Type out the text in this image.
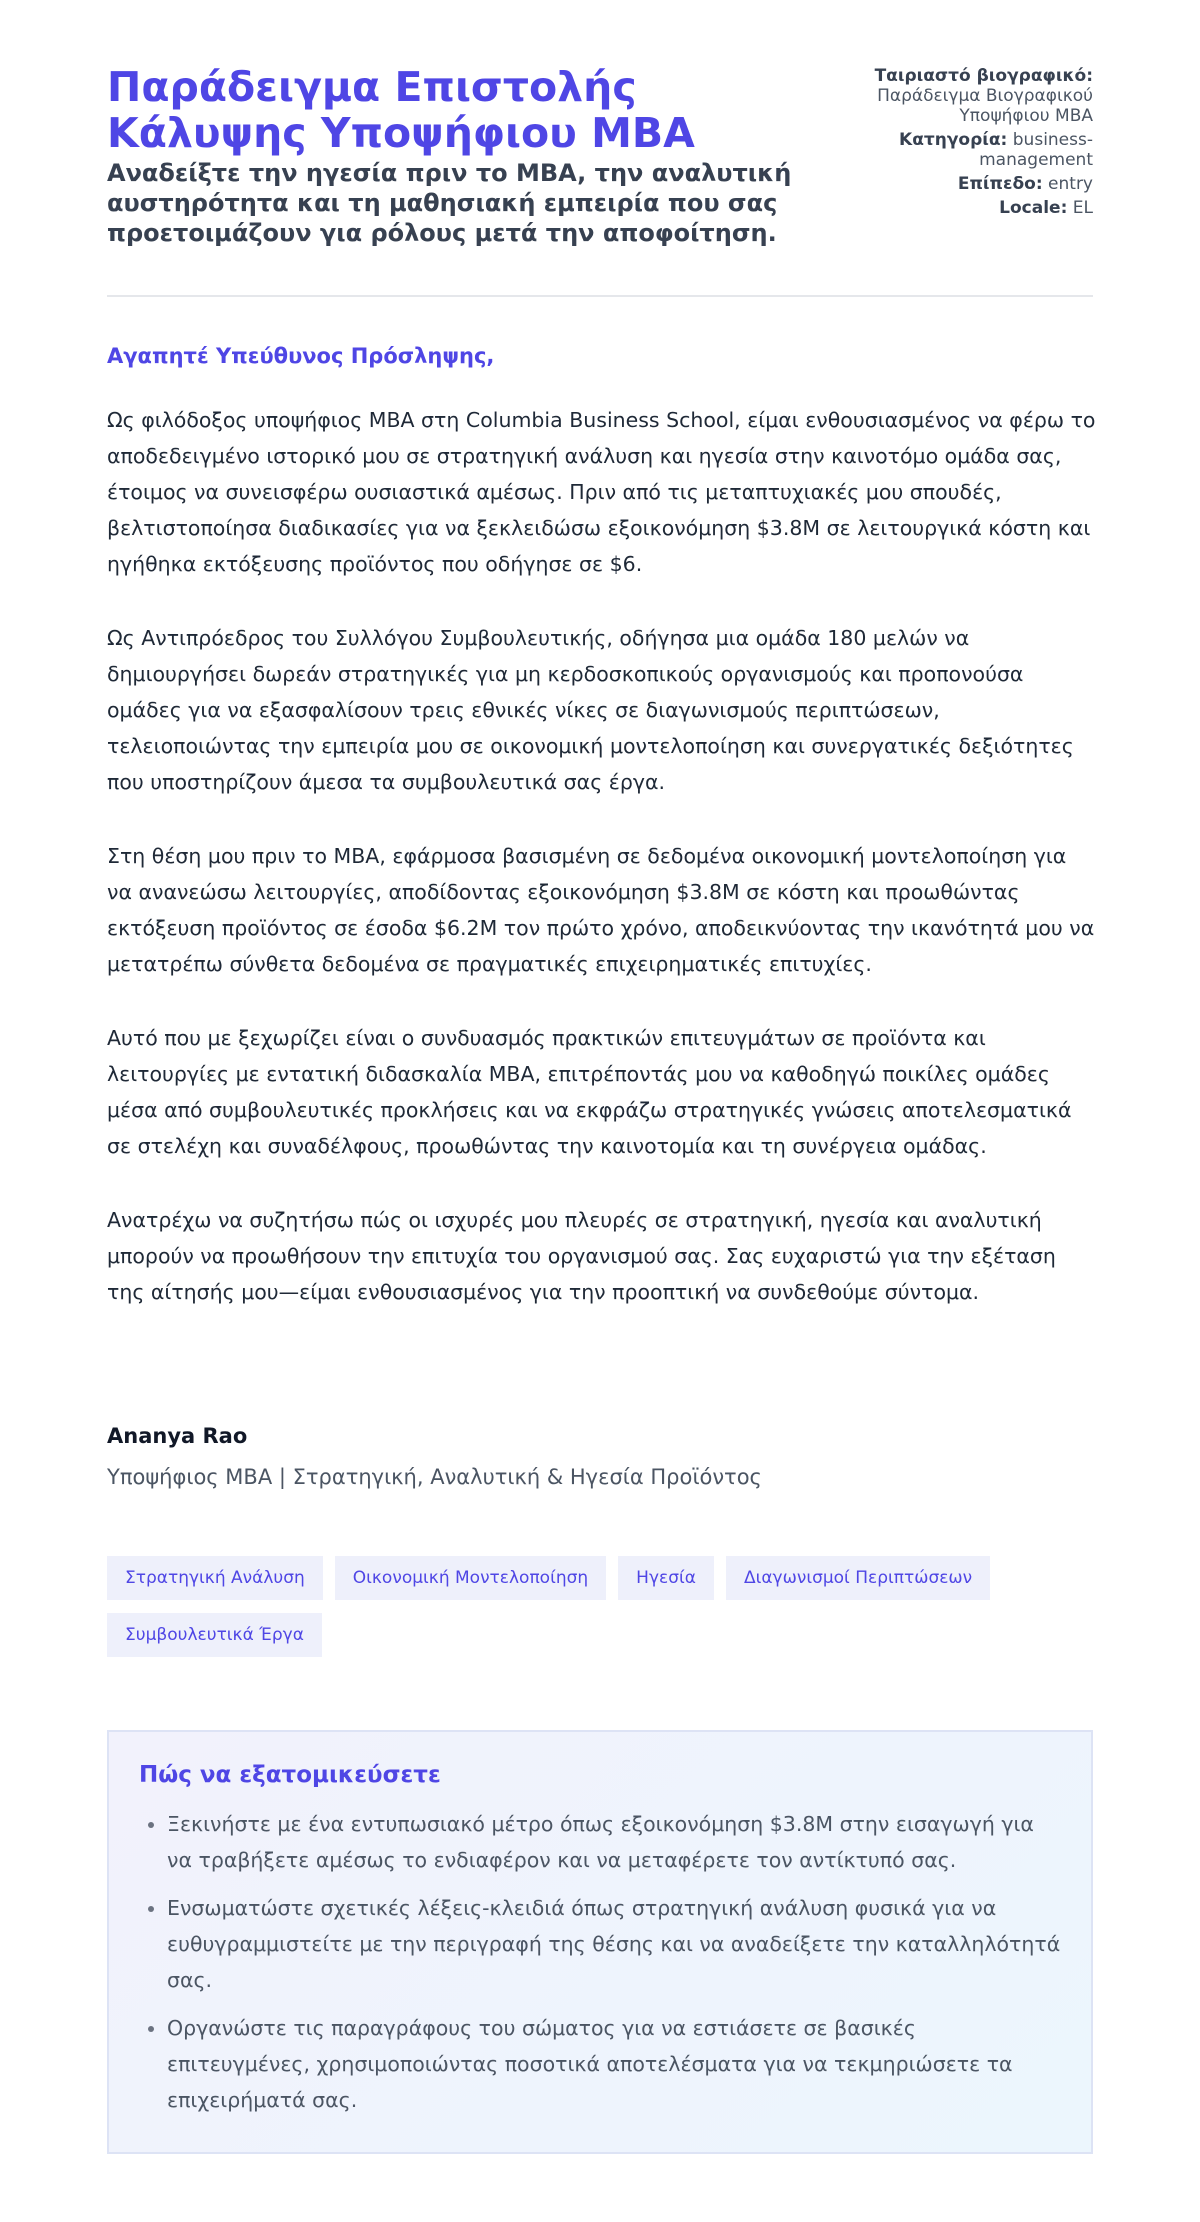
Παράδειγμα Επιστολής Κάλυψης Υποψήφιου MBA
Αναδείξτε την ηγεσία πριν το MBA, την αναλυτική αυστηρότητα και τη μαθησιακή εμπειρία που σας προετοιμάζουν για ρόλους μετά την αποφοίτηση.
Ταιριαστό βιογραφικό: Παράδειγμα Βιογραφικού Υποψήφιου MBA
Κατηγορία: business-management
Επίπεδο: entry
Locale: EL

Αγαπητέ Υπεύθυνος Πρόσληψης,

Ως φιλόδοξος υποψήφιος MBA στη Columbia Business School, είμαι ενθουσιασμένος να φέρω το αποδεδειγμένο ιστορικό μου σε στρατηγική ανάλυση και ηγεσία στην καινοτόμο ομάδα σας, έτοιμος να συνεισφέρω ουσιαστικά αμέσως. Πριν από τις μεταπτυχιακές μου σπουδές, βελτιστοποίησα διαδικασίες για να ξεκλειδώσω εξοικονόμηση $3.8M σε λειτουργικά κόστη και ηγήθηκα εκτόξευσης προϊόντος που οδήγησε σε $6.

Ως Αντιπρόεδρος του Συλλόγου Συμβουλευτικής, οδήγησα μια ομάδα 180 μελών να δημιουργήσει δωρεάν στρατηγικές για μη κερδοσκοπικούς οργανισμούς και προπονούσα ομάδες για να εξασφαλίσουν τρεις εθνικές νίκες σε διαγωνισμούς περιπτώσεων, τελειοποιώντας την εμπειρία μου σε οικονομική μοντελοποίηση και συνεργατικές δεξιότητες που υποστηρίζουν άμεσα τα συμβουλευτικά σας έργα.

Στη θέση μου πριν το MBA, εφάρμοσα βασισμένη σε δεδομένα οικονομική μοντελοποίηση για να ανανεώσω λειτουργίες, αποδίδοντας εξοικονόμηση $3.8M σε κόστη και προωθώντας εκτόξευση προϊόντος σε έσοδα $6.2M τον πρώτο χρόνο, αποδεικνύοντας την ικανότητά μου να μετατρέπω σύνθετα δεδομένα σε πραγματικές επιχειρηματικές επιτυχίες.

Αυτό που με ξεχωρίζει είναι ο συνδυασμός πρακτικών επιτευγμάτων σε προϊόντα και λειτουργίες με εντατική διδασκαλία MBA, επιτρέποντάς μου να καθοδηγώ ποικίλες ομάδες μέσα από συμβουλευτικές προκλήσεις και να εκφράζω στρατηγικές γνώσεις αποτελεσματικά σε στελέχη και συναδέλφους, προωθώντας την καινοτομία και τη συνέργεια ομάδας.

Ανατρέχω να συζητήσω πώς οι ισχυρές μου πλευρές σε στρατηγική, ηγεσία και αναλυτική μπορούν να προωθήσουν την επιτυχία του οργανισμού σας. Σας ευχαριστώ για την εξέταση της αίτησής μου—είμαι ενθουσιασμένος για την προοπτική να συνδεθούμε σύντομα.

Ananya Rao
Υποψήφιος MBA | Στρατηγική, Αναλυτική & Ηγεσία Προϊόντος
Στρατηγική Ανάλυση	Οικονομική Μοντελοποίηση	Ηγεσία	Διαγωνισμοί Περιπτώσεων
Συμβουλευτικά Έργα
Πώς να εξατομικεύσετε
• Ξεκινήστε με ένα εντυπωσιακό μέτρο όπως εξοικονόμηση $3.8M στην εισαγωγή για να τραβήξετε αμέσως το ενδιαφέρον και να μεταφέρετε τον αντίκτυπό σας.
• Ενσωματώστε σχετικές λέξεις-κλειδιά όπως στρατηγική ανάλυση φυσικά για να ευθυγραμμιστείτε με την περιγραφή της θέσης και να αναδείξετε την καταλληλότητά σας.
• Οργανώστε τις παραγράφους του σώματος για να εστιάσετε σε βασικές επιτευγμένες, χρησιμοποιώντας ποσοτικά αποτελέσματα για να τεκμηριώσετε τα επιχειρήματά σας.
